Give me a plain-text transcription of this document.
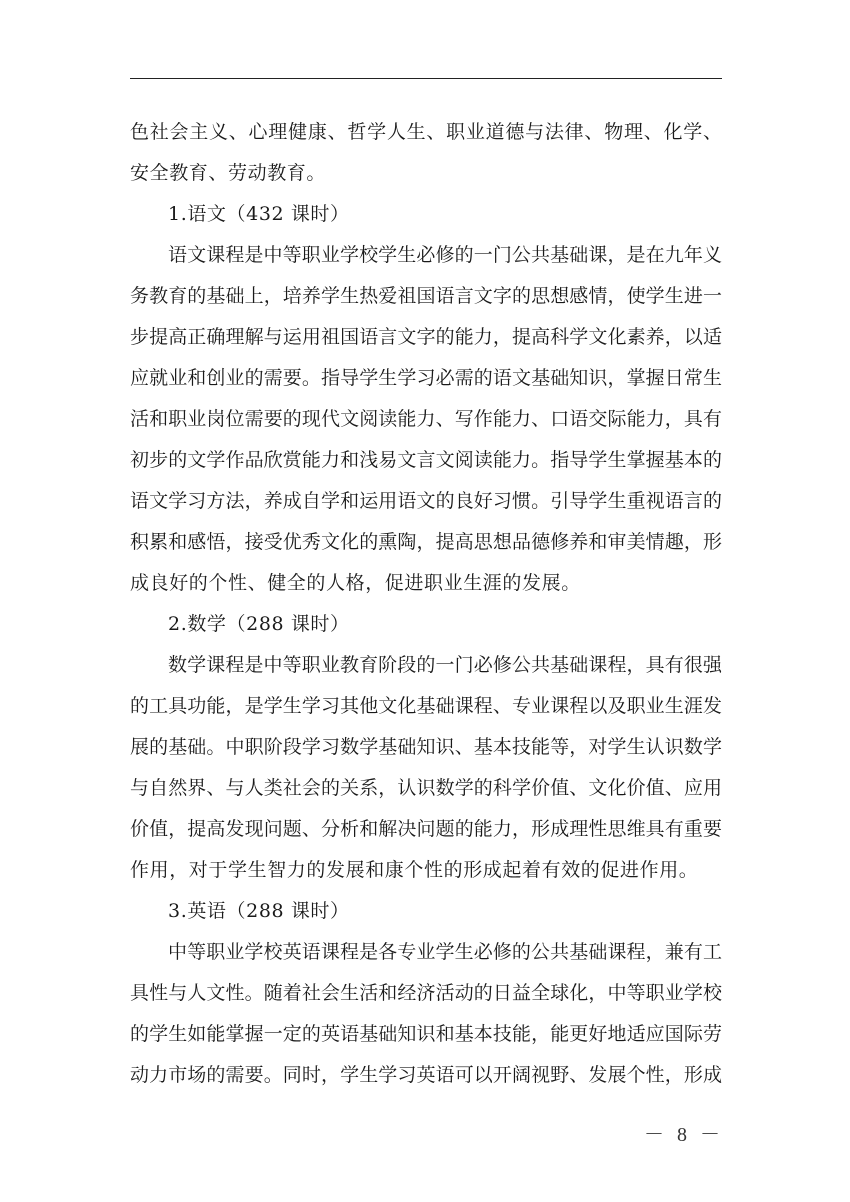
色社会主义、心理健康、哲学人生、职业道德与法律、物理、化学、
安全教育、劳动教育。
1.语文（432 课时）
语文课程是中等职业学校学生必修的一门公共基础课，是在九年义
务教育的基础上，培养学生热爱祖国语言文字的思想感情，使学生进一
步提高正确理解与运用祖国语言文字的能力，提高科学文化素养，以适
应就业和创业的需要。指导学生学习必需的语文基础知识，掌握日常生
活和职业岗位需要的现代文阅读能力、写作能力、口语交际能力，具有
初步的文学作品欣赏能力和浅易文言文阅读能力。指导学生掌握基本的
语文学习方法，养成自学和运用语文的良好习惯。引导学生重视语言的
积累和感悟，接受优秀文化的熏陶，提高思想品德修养和审美情趣，形
成良好的个性、健全的人格，促进职业生涯的发展。
2.数学（288 课时）
数学课程是中等职业教育阶段的一门必修公共基础课程，具有很强
的工具功能，是学生学习其他文化基础课程、专业课程以及职业生涯发
展的基础。中职阶段学习数学基础知识、基本技能等，对学生认识数学
与自然界、与人类社会的关系，认识数学的科学价值、文化价值、应用
价值，提高发现问题、分析和解决问题的能力，形成理性思维具有重要
作用，对于学生智力的发展和康个性的形成起着有效的促进作用。
3.英语（288 课时）
中等职业学校英语课程是各专业学生必修的公共基础课程，兼有工
具性与人文性。随着社会生活和经济活动的日益全球化，中等职业学校
的学生如能掌握一定的英语基础知识和基本技能，能更好地适应国际劳
动力市场的需要。同时，学生学习英语可以开阔视野、发展个性，形成
－ 8 －
